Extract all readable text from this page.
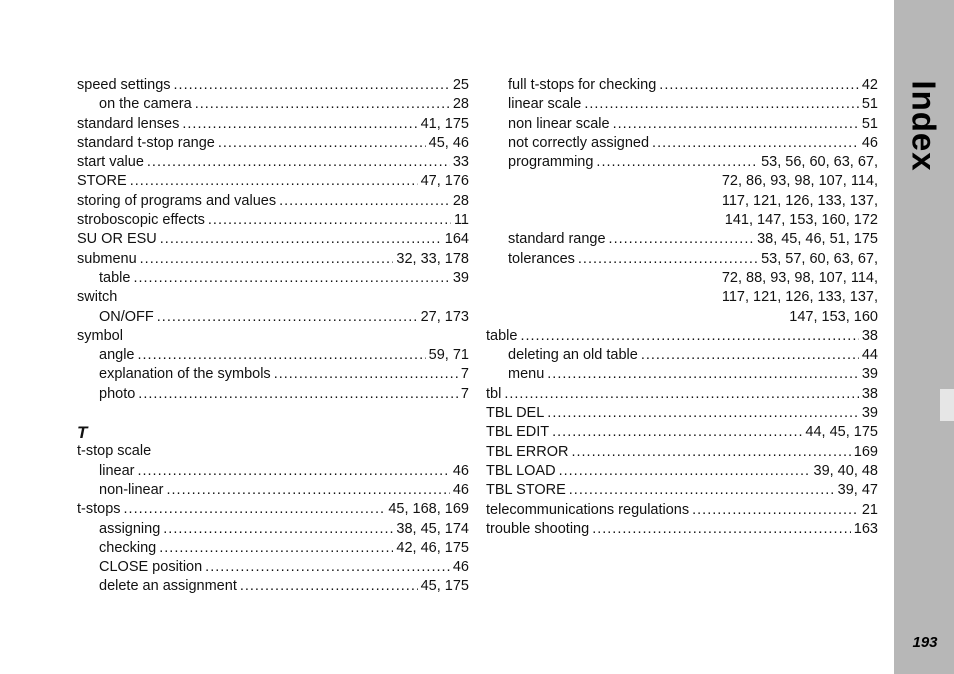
speed settings .....	25
on the camera .....	28
standard lenses .....	41, 175
standard t-stop range .....	45, 46
start value .....	33
STORE .....	47, 176
storing of programs and values .....	28
stroboscopic effects .....	11
SU OR ESU .....	164
submenu .....	32, 33, 178
table .....	39
switch
ON/OFF .....	27, 173
symbol
angle .....	59, 71
explanation of the symbols .....	7
photo .....	7
T
t-stop scale
linear .....	46
non-linear .....	46
t-stops .....	45, 168, 169
assigning .....	38, 45, 174
checking .....	42, 46, 175
CLOSE position .....	46
delete an assignment .....	45, 175
full t-stops for checking .....	42
linear scale .....	51
non linear scale .....	51
not correctly assigned .....	46
programming .....	53, 56, 60, 63, 67,
72, 86, 93, 98, 107, 114,
117, 121, 126, 133, 137,
141, 147, 153, 160, 172
standard range .....	38, 45, 46, 51, 175
tolerances .....	53, 57, 60, 63, 67,
72, 88, 93, 98, 107, 114,
117, 121, 126, 133, 137,
147, 153, 160
table .....	38
deleting an old table .....	44
menu .....	39
tbl .....	38
TBL DEL .....	39
TBL EDIT .....	44, 45, 175
TBL ERROR .....	169
TBL LOAD .....	39, 40, 48
TBL STORE .....	39, 47
telecommunications regulations .....	21
trouble shooting .....	163
Index
193
